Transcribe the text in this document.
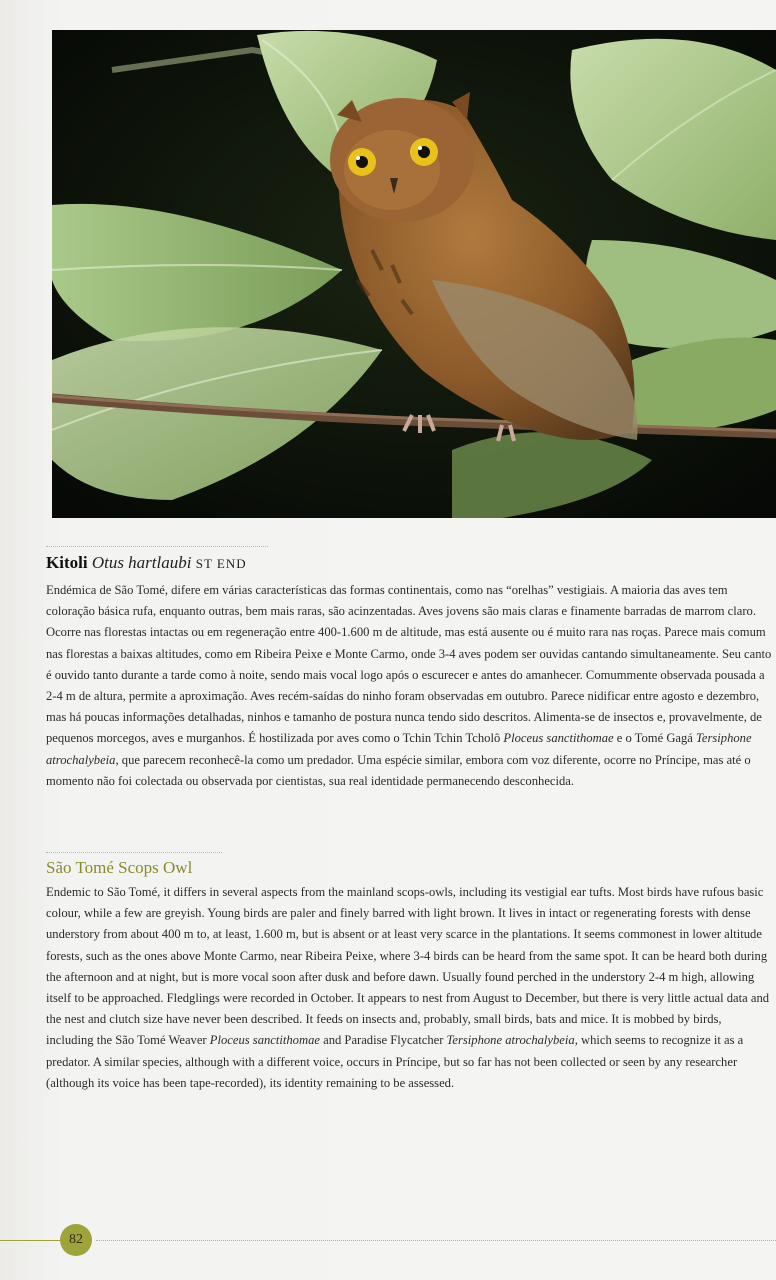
Kitoli Otus hartlaubi ST END

Endémica de São Tomé, difere em várias características das formas continentais, como nas “orelhas” vestigiais. A maioria das aves tem coloração básica rufa, enquanto outras, bem mais raras, são acinzentadas. Aves jovens são mais claras e finamente barradas de marrom claro. Ocorre nas florestas intactas ou em regeneração entre 400-1.600 m de altitude, mas está ausente ou é muito rara nas roças. Parece mais comum nas florestas a baixas altitudes, como em Ribeira Peixe e Monte Carmo, onde 3-4 aves podem ser ouvidas cantando simultaneamente. Seu canto é ouvido tanto durante a tarde como à noite, sendo mais vocal logo após o escurecer e antes do amanhecer. Comummente observada pousada a 2-4 m de altura, permite a aproximação. Aves recém-saídas do ninho foram observadas em outubro. Parece nidificar entre agosto e dezembro, mas há poucas informações detalhadas, ninhos e tamanho de postura nunca tendo sido descritos. Alimenta-se de insectos e, provavelmente, de pequenos morcegos, aves e murganhos. É hostilizada por aves como o Tchin Tchin Tcholô Ploceus sanctithomae e o Tomé Gagá Tersiphone atrochalybeia, que parecem reconhecê-la como um predador. Uma espécie similar, embora com voz diferente, ocorre no Príncipe, mas até o momento não foi colectada ou observada por cientistas, sua real identidade permanecendo desconhecida.

São Tomé Scops Owl

Endemic to São Tomé, it differs in several aspects from the mainland scops-owls, including its vestigial ear tufts. Most birds have rufous basic colour, while a few are greyish. Young birds are paler and finely barred with light brown. It lives in intact or regenerating forests with dense understory from about 400 m to, at least, 1.600 m, but is absent or at least very scarce in the plantations. It seems commonest in lower altitude forests, such as the ones above Monte Carmo, near Ribeira Peixe, where 3-4 birds can be heard from the same spot. It can be heard both during the afternoon and at night, but is more vocal soon after dusk and before dawn. Usually found perched in the understory 2-4 m high, allowing itself to be approached. Fledglings were recorded in October. It appears to nest from August to December, but there is very little actual data and the nest and clutch size have never been described. It feeds on insects and, probably, small birds, bats and mice. It is mobbed by birds, including the São Tomé Weaver Ploceus sanctithomae and Paradise Flycatcher Tersiphone atrochalybeia, which seems to recognize it as a predator. A similar species, although with a different voice, occurs in Príncipe, but so far has not been collected or seen by any researcher (although its voice has been tape-recorded), its identity remaining to be assessed.

82
